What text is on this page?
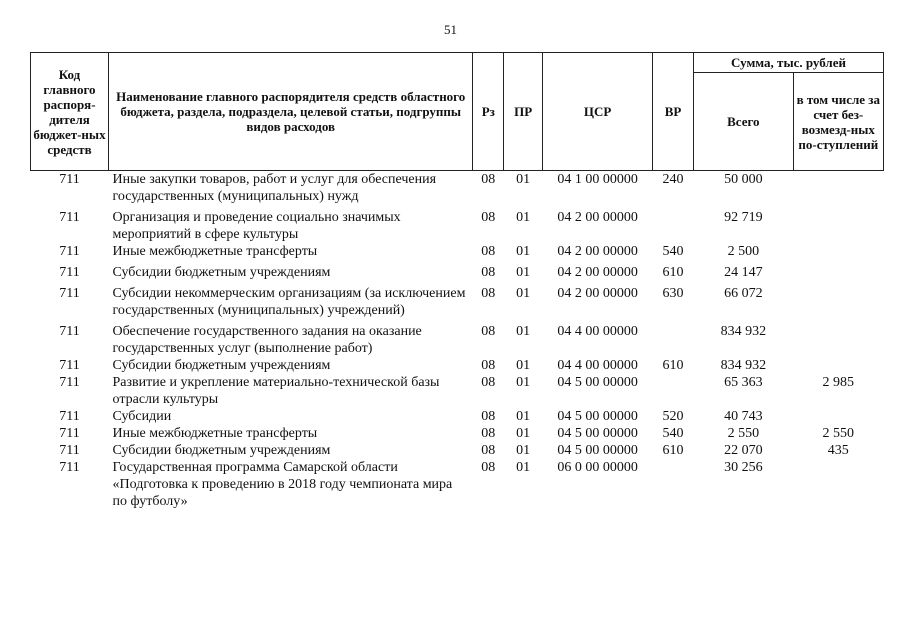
51
Код главного распоря-дителя бюджет-ных средств	Наименование главного распорядителя средств областного бюджета, раздела, подраздела, целевой статьи, подгруппы видов расходов	Рз	ПР	ЦСР	ВР	Сумма, тыс. рублей	
						Всего	в том числе за счет без-возмезд-ных по-ступлений
711	Иные закупки товаров, работ и услуг для обеспечения государственных (муниципальных) нужд	08	01	04 1 00 00000	240	50 000	
711	Организация и проведение социально значимых мероприятий в сфере культуры	08	01	04 2 00 00000		92 719	
711	Иные межбюджетные трансферты	08	01	04 2 00 00000	540	2 500	
711	Субсидии бюджетным учреждениям	08	01	04 2 00 00000	610	24 147	
711	Субсидии некоммерческим организациям (за исключением государственных (муниципальных) учреждений)	08	01	04 2 00 00000	630	66 072	
711	Обеспечение государственного задания на оказание государственных услуг (выполнение работ)	08	01	04 4 00 00000		834 932	
711	Субсидии бюджетным учреждениям	08	01	04 4 00 00000	610	834 932	
711	Развитие и укрепление материально-технической базы отрасли культуры	08	01	04 5 00 00000		65 363	2 985
711	Субсидии	08	01	04 5 00 00000	520	40 743	
711	Иные межбюджетные трансферты	08	01	04 5 00 00000	540	2 550	2 550
711	Субсидии бюджетным учреждениям	08	01	04 5 00 00000	610	22 070	435
711	Государственная программа Самарской области «Подготовка к проведению в 2018 году чемпионата мира по футболу»	08	01	06 0 00 00000		30 256	
